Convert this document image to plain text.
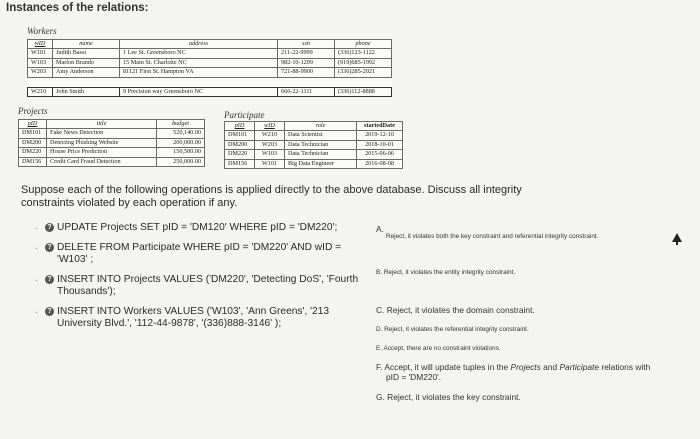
Instances of the relations:
Workers
wID	name	address	ssn	phone
W101	Judith Bassi	1 Lee St. Greensboro NC	211-22-9999	(336)123-1122
W103	Marlon Brando	15 Main St. Charlotte NC	982-10-1209	(919)685-1992
W203	Amy Anderson	81121 First St. Hampton VA	721-88-9900	(336)285-2021

W210	John Smith	9 Precision way Greensboro NC	666-22-1111	(336)112-8888
Projects
pID	title	budget
DM101	Fake News Detection	520,140.00
DM200	Detecting Phishing Website	200,000.00
DM220	House Price Prediction	150,500.00
DM156	Credit Card Fraud Detection	250,000.00
Participate
pID	wID	role	startedDate
DM101	W210	Data Scientist	2019-12-10
DM200	W203	Data Technician	2018-10-01
DM220	W103	Data Technician	2015-06-06
DM156	W101	Big Data Engineer	2016-08-08
Suppose each of the following operations is applied directly to the above database. Discuss all integrity constraints violated by each operation if any.
-	? UPDATE Projects SET pID = 'DM120' WHERE pID = 'DM220';
-	? DELETE FROM Participate WHERE pID = 'DM220' AND wID = 'W103' ;
-	? INSERT INTO Projects VALUES ('DM220', 'Detecting DoS', 'Fourth Thousands');
-	? INSERT INTO Workers VALUES ('W103', 'Ann Greens', '213 University Blvd.', '112-44-9878', '(336)888-3146' );
A.
Reject, it violates both the key constraint and referential integrity constraint.
B. Reject, it violates the entity integrity constraint.
C. Reject, it violates the domain constraint.
D. Reject, it violates the referential integrity constraint.
E. Accept, there are no constraint violations.
F. Accept, it will update tuples in the Projects and Participate relations with
pID = 'DM220'.
G. Reject, it violates the key constraint.
